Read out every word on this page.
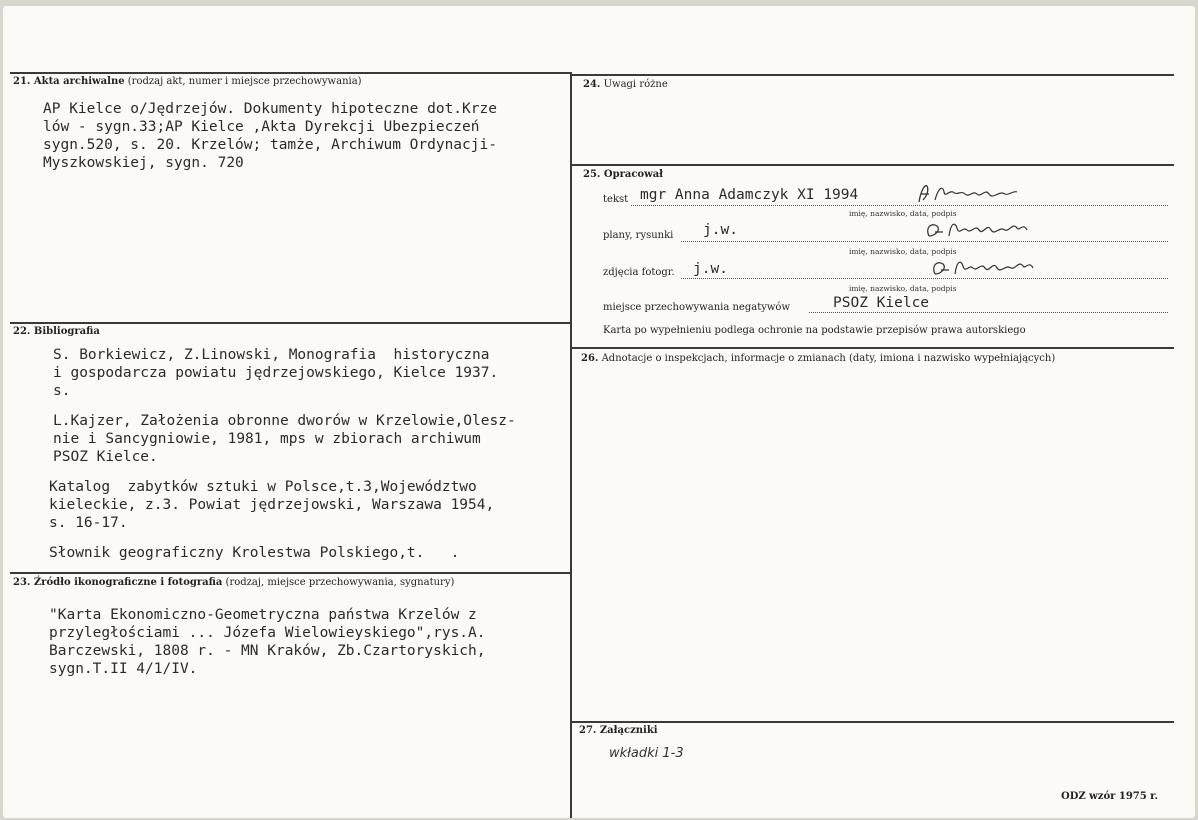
21. Akta archiwalne (rodzaj akt, numer i miejsce przechowywania)
AP Kielce o/Jędrzejów. Dokumenty hipoteczne dot.Krze
lów - sygn.33;AP Kielce ,Akta Dyrekcji Ubezpieczeń
sygn.520, s. 20. Krzelów; tamże, Archiwum Ordynacji-
Myszkowskiej, sygn. 720
22. Bibliografia
S. Borkiewicz, Z.Linowski, Monografia  historyczna
i gospodarcza powiatu jędrzejowskiego, Kielce 1937.
s.
L.Kajzer, Założenia obronne dworów w Krzelowie,Olesz-
nie i Sancygniowie, 1981, mps w zbiorach archiwum
PSOZ Kielce.
Katalog  zabytków sztuki w Polsce,t.3,Województwo
kieleckie, z.3. Powiat jędrzejowski, Warszawa 1954,
s. 16-17.
Słownik geograficzny Krolestwa Polskiego,t.   .
23. Źródło ikonograficzne i fotografia (rodzaj, miejsce przechowywania, sygnatury)
"Karta Ekonomiczno-Geometryczna państwa Krzelów z
przyległościami ... Józefa Wielowieyskiego",rys.A.
Barczewski, 1808 r. - MN Kraków, Zb.Czartoryskich,
sygn.T.II 4/1/IV.
24. Uwagi różne
25. Opracował
tekst mgr Anna Adamczyk XI 1994
imię, nazwisko, data, podpis
plany, rysunki j.w.
imię, nazwisko, data, podpis
zdjęcia fotogr. j.w.
imię, nazwisko, data, podpis
miejsce przechowywania negatywów	PSOZ Kielce
Karta po wypełnieniu podlega ochronie na podstawie przepisów prawa autorskiego
26. Adnotacje o inspekcjach, informacje o zmianach (daty, imiona i nazwisko wypełniających)
27. Załączniki
wkładki 1-3
ODZ wzór 1975 r.
